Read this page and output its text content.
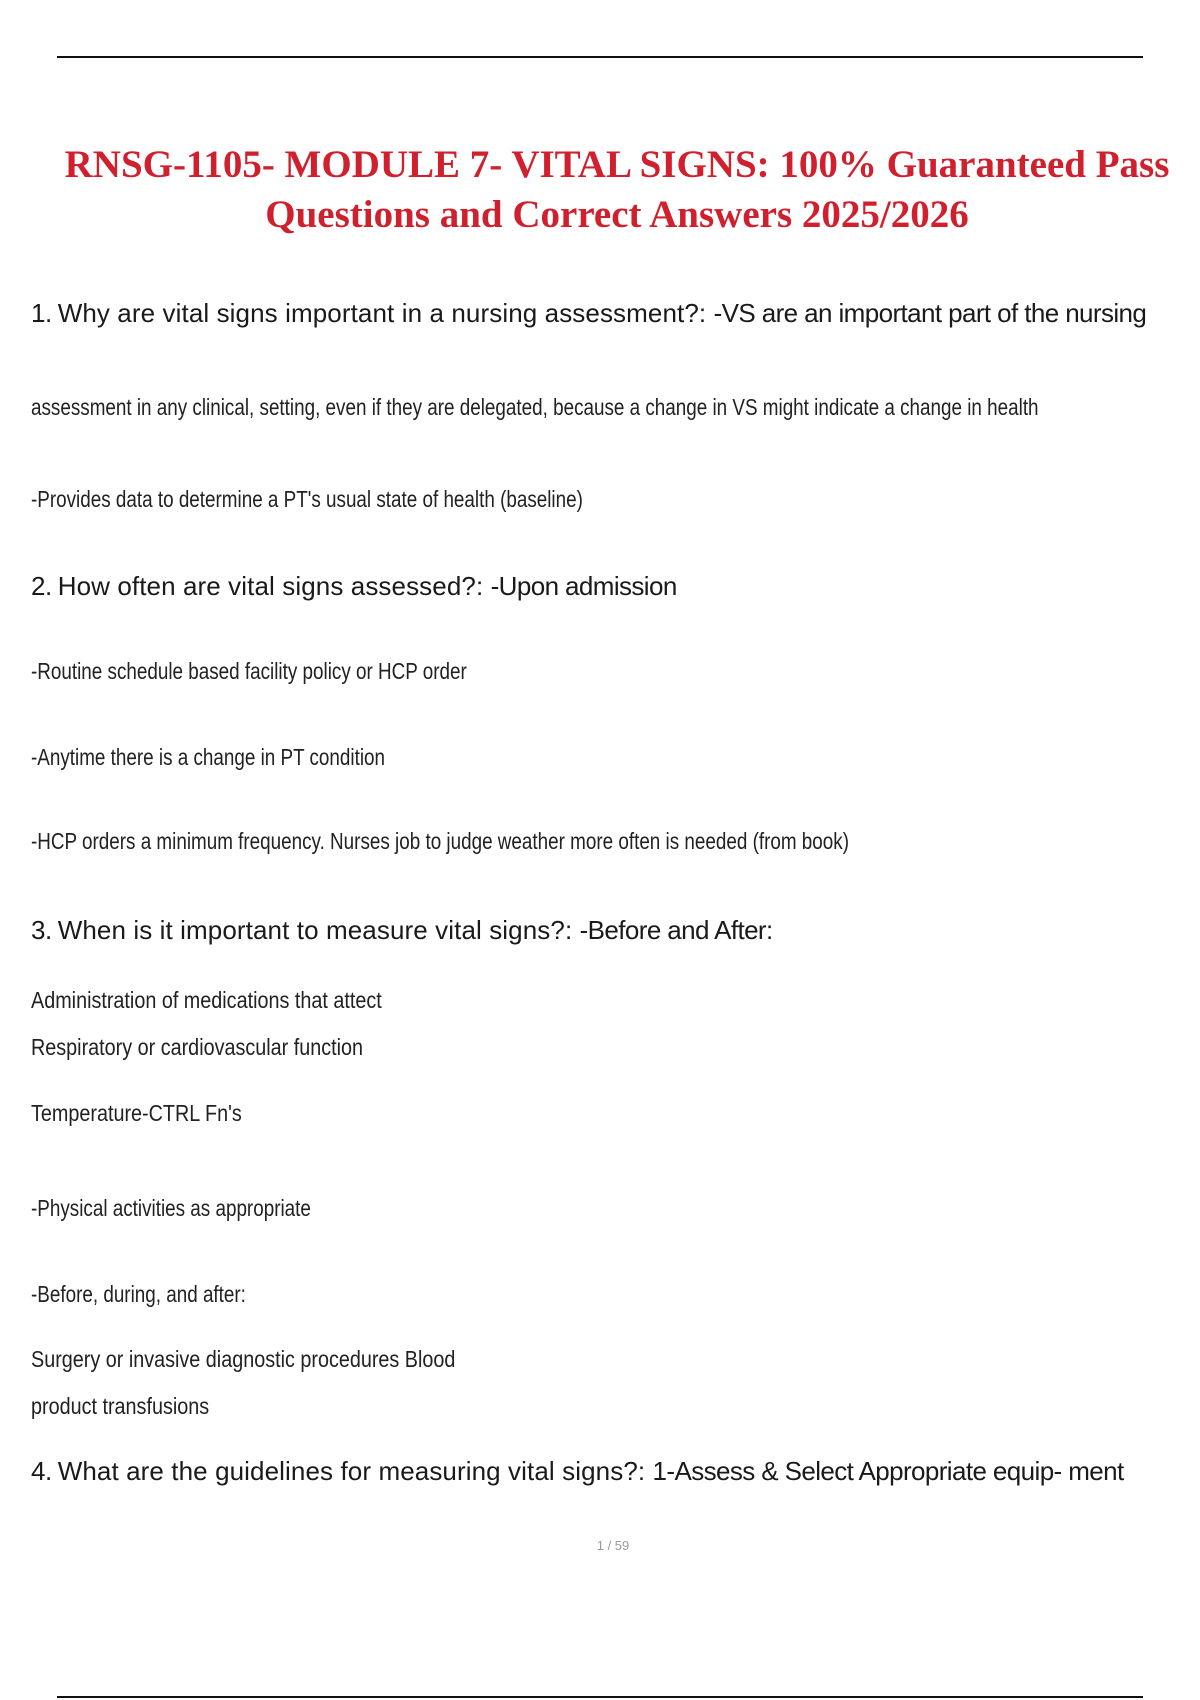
RNSG-1105- MODULE 7- VITAL SIGNS: 100% Guaranteed Pass
Questions and Correct Answers 2025/2026

1. Why are vital signs important in a nursing assessment?: -VS are an important part of the nursing

assessment in any clinical, setting, even if they are delegated, because a change in VS might indicate a change in health

-Provides data to determine a PT's usual state of health (baseline)

2. How often are vital signs assessed?: -Upon admission

-Routine schedule based facility policy or HCP order

-Anytime there is a change in PT condition

-HCP orders a minimum frequency. Nurses job to judge weather more often is needed (from book)

3. When is it important to measure vital signs?: -Before and After:

Administration of medications that attect

Respiratory or cardiovascular function

Temperature-CTRL Fn's

-Physical activities as appropriate

-Before, during, and after:

Surgery or invasive diagnostic procedures Blood

product transfusions

4. What are the guidelines for measuring vital signs?: 1-Assess & Select Appropriate equip- ment

1 / 59
